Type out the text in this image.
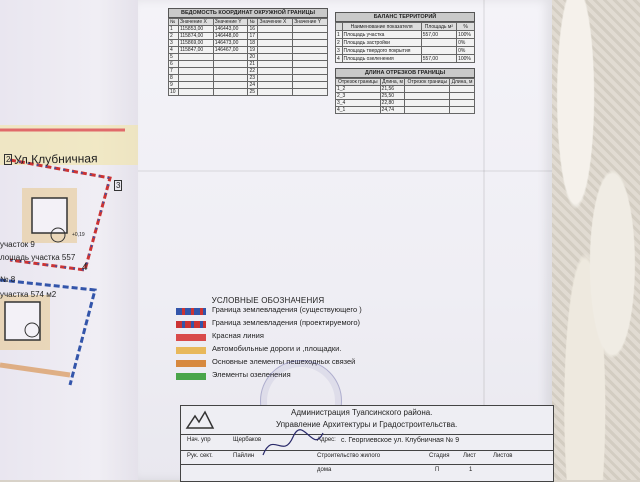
Ул.Клубничная
2
3
4
участок 9
лощадь участка 557
№ 8
участка 574 м2
+0,19
ВЕДОМОСТЬ КООРДИНАТ ОКРУЖНОЙ ГРАНИЦЫ
№	Значение Х	Значение Y	№	Значение Х	Значение Y
1	115853,00	146443,00	16		
2	115874,00	146448,00	17		
3	115869,00	146473,00	18		
4	115847,00	146467,00	19		
5			20		
6			21		
7			22		
8			23		
9			24		
10			25		
БАЛАНС ТЕРРИТОРИЙ
	Наименование показателя	Площадь м²	%
1	Площадь участка	557,00	100%
2	Площадь застройки		0%
3	Площадь твердого покрытия		0%
4	Площадь озеленения	557,00	100%
ДЛИНА ОТРЕЗКОВ ГРАНИЦЫ
Отрезок границы	Длина, м	Отрезок границы	Длина, м
1_2	21,56		
2_3	25,50		
3_4	22,80		
4_1	24,74		
УСЛОВНЫЕ ОБОЗНАЧЕНИЯ
Граница землевладения (существующего )
Граница землевладения (проектируемого)
Красная линия
Автомобильные дороги и ,площадки.
Основные элементы пешеходных связей
Элементы озеленения
Администрация Туапсинского района.
Управление Архитектуры и Градостроительства.
Нач. упр	Щербаков	Адрес: с. Георгиевское ул. Клубничная № 9
Рук. сект.	Пайлин	Строительство жилого	Стадия Лист	Листов
дома	П	1
